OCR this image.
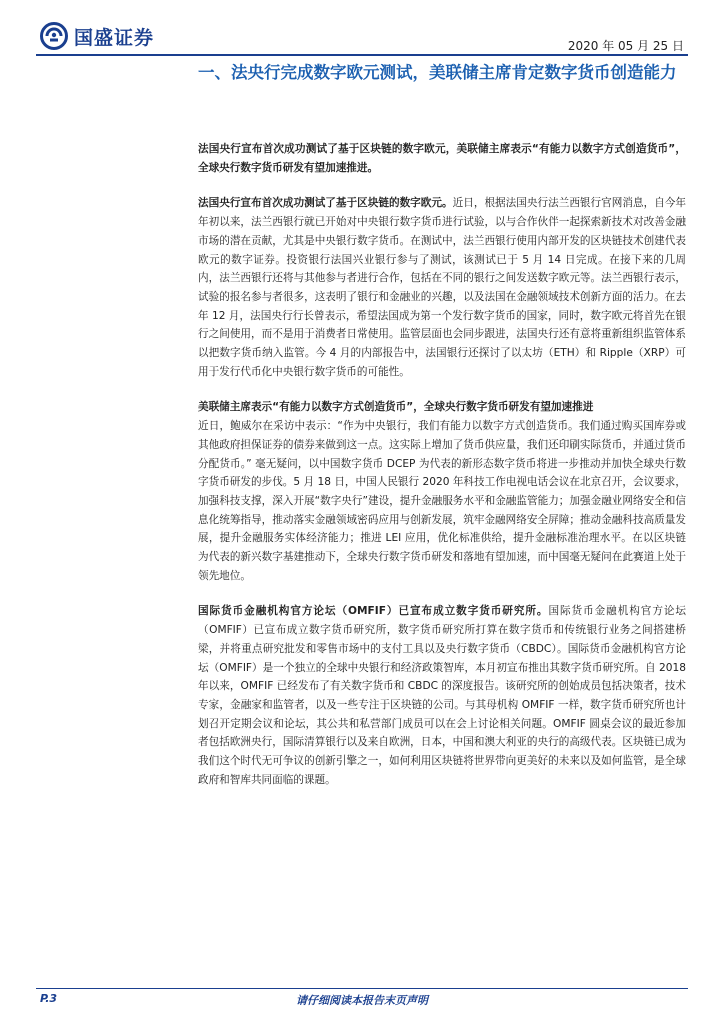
国盛证券	2020 年 05 月 25 日
一、法央行完成数字欧元测试，美联储主席肯定数字货币创造能力

法国央行宣布首次成功测试了基于区块链的数字欧元，美联储主席表示“有能力以数字方式创造货币”，全球央行数字货币研发有望加速推进。

法国央行宣布首次成功测试了基于区块链的数字欧元。近日，根据法国央行法兰西银行官网消息，自今年年初以来，法兰西银行就已开始对中央银行数字货币进行试验，以与合作伙伴一起探索新技术对改善金融市场的潜在贡献，尤其是中央银行数字货币。在测试中，法兰西银行使用内部开发的区块链技术创建代表欧元的数字证券。投资银行法国兴业银行参与了测试，该测试已于 5 月 14 日完成。在接下来的几周内，法兰西银行还将与其他参与者进行合作，包括在不同的银行之间发送数字欧元等。法兰西银行表示，试验的报名参与者很多，这表明了银行和金融业的兴趣，以及法国在金融领域技术创新方面的活力。在去年 12 月，法国央行行长曾表示，希望法国成为第一个发行数字货币的国家，同时，数字欧元将首先在银行之间使用，而不是用于消费者日常使用。监管层面也会同步跟进，法国央行还有意将重新组织监管体系以把数字货币纳入监管。今 4 月的内部报告中，法国银行还探讨了以太坊（ETH）和 Ripple（XRP）可用于发行代币化中央银行数字货币的可能性。

美联储主席表示“有能力以数字方式创造货币”，全球央行数字货币研发有望加速推进
近日，鲍威尔在采访中表示：“作为中央银行，我们有能力以数字方式创造货币。我们通过购买国库券或其他政府担保证券的债券来做到这一点。这实际上增加了货币供应量，我们还印刷实际货币，并通过货币分配货币。” 毫无疑问，以中国数字货币 DCEP 为代表的新形态数字货币将进一步推动并加快全球央行数字货币研发的步伐。5 月 18 日，中国人民银行 2020 年科技工作电视电话会议在北京召开，会议要求，加强科技支撑，深入开展“数字央行”建设，提升金融服务水平和金融监管能力；加强金融业网络安全和信息化统筹指导，推动落实金融领域密码应用与创新发展，筑牢金融网络安全屏障；推动金融科技高质量发展，提升金融服务实体经济能力；推进 LEI 应用，优化标准供给，提升金融标准治理水平。在以区块链为代表的新兴数字基建推动下，全球央行数字货币研发和落地有望加速，而中国毫无疑问在此赛道上处于领先地位。

国际货币金融机构官方论坛（OMFIF）已宣布成立数字货币研究所。国际货币金融机构官方论坛（OMFIF）已宣布成立数字货币研究所，数字货币研究所打算在数字货币和传统银行业务之间搭建桥梁，并将重点研究批发和零售市场中的支付工具以及央行数字货币（CBDC）。国际货币金融机构官方论坛（OMFIF）是一个独立的全球中央银行和经济政策智库，本月初宣布推出其数字货币研究所。自 2018 年以来，OMFIF 已经发布了有关数字货币和 CBDC 的深度报告。该研究所的创始成员包括决策者，技术专家，金融家和监管者，以及一些专注于区块链的公司。与其母机构 OMFIF 一样，数字货币研究所也计划召开定期会议和论坛，其公共和私营部门成员可以在会上讨论相关问题。OMFIF 圆桌会议的最近参加者包括欧洲央行，国际清算银行以及来自欧洲，日本，中国和澳大利亚的央行的高级代表。区块链已成为我们这个时代无可争议的创新引擎之一，如何利用区块链将世界带向更美好的未来以及如何监管，是全球政府和智库共同面临的课题。

P.3	请仔细阅读本报告末页声明
